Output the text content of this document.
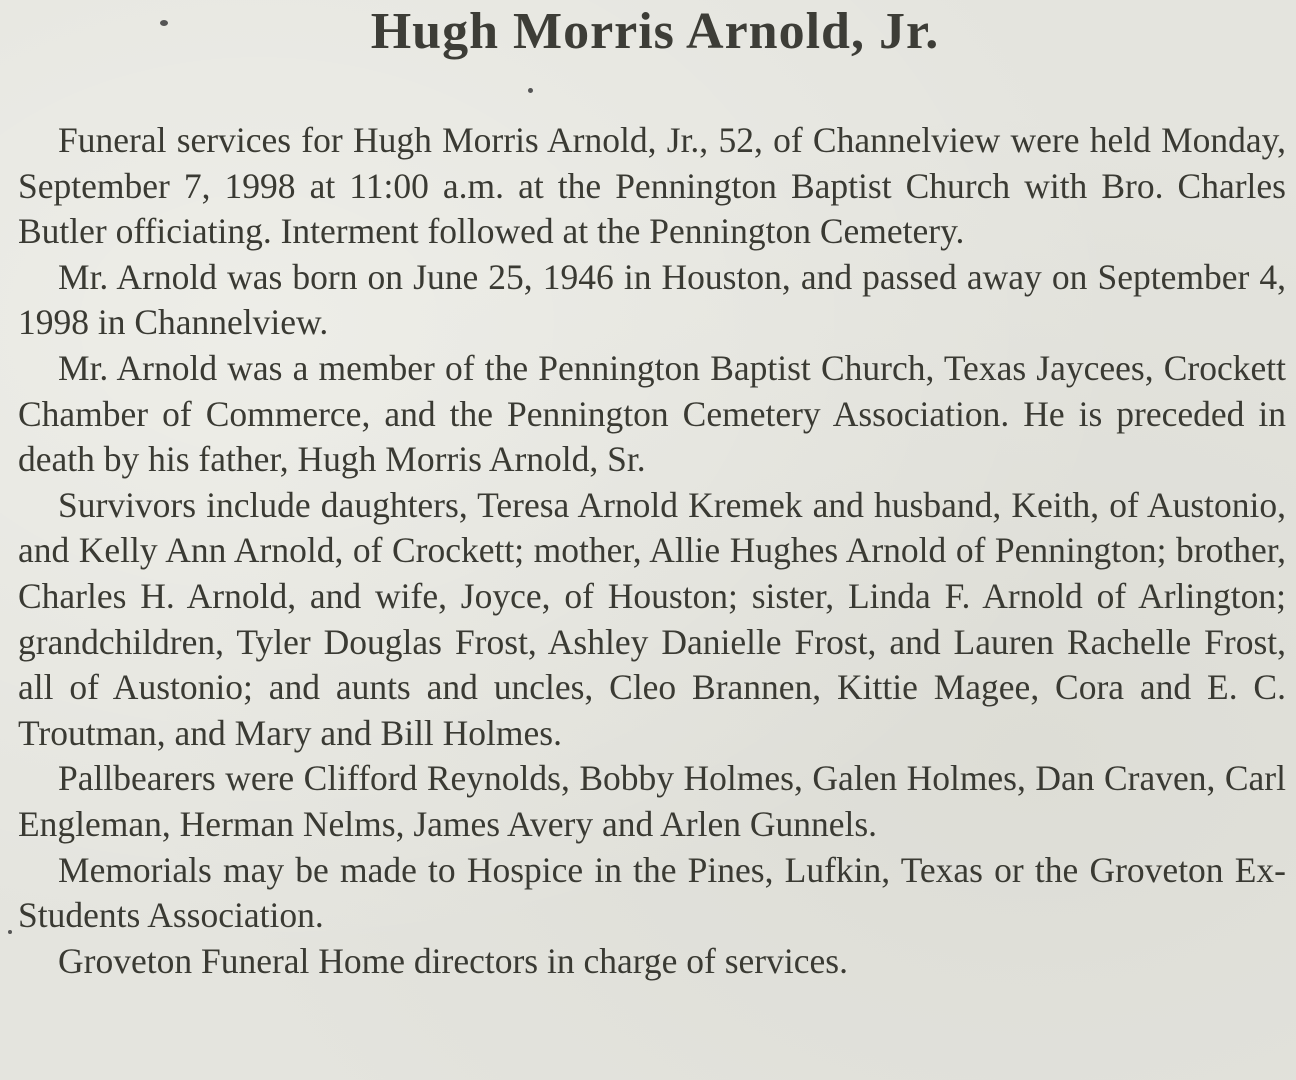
Hugh Morris Arnold, Jr.

Funeral services for Hugh Morris Arnold, Jr., 52, of Channelview were held Monday, September 7, 1998 at 11:00 a.m. at the Pennington Baptist Church with Bro. Charles Butler officiating. Interment followed at the Pennington Cemetery.

Mr. Arnold was born on June 25, 1946 in Houston, and passed away on September 4, 1998 in Channelview.

Mr. Arnold was a member of the Pennington Baptist Church, Texas Jaycees, Crockett Chamber of Commerce, and the Pennington Cemetery Association. He is preceded in death by his father, Hugh Morris Arnold, Sr.

Survivors include daughters, Teresa Arnold Kremek and husband, Keith, of Austonio, and Kelly Ann Arnold, of Crockett; mother, Allie Hughes Arnold of Pennington; brother, Charles H. Arnold, and wife, Joyce, of Houston; sister, Linda F. Arnold of Arlington; grandchildren, Tyler Douglas Frost, Ashley Danielle Frost, and Lauren Rachelle Frost, all of Austonio; and aunts and uncles, Cleo Brannen, Kittie Magee, Cora and E. C. Troutman, and Mary and Bill Holmes.

Pallbearers were Clifford Reynolds, Bobby Holmes, Galen Holmes, Dan Craven, Carl Engleman, Herman Nelms, James Avery and Arlen Gunnels.

Memorials may be made to Hospice in the Pines, Lufkin, Texas or the Groveton Ex-Students Association.

Groveton Funeral Home directors in charge of services.
